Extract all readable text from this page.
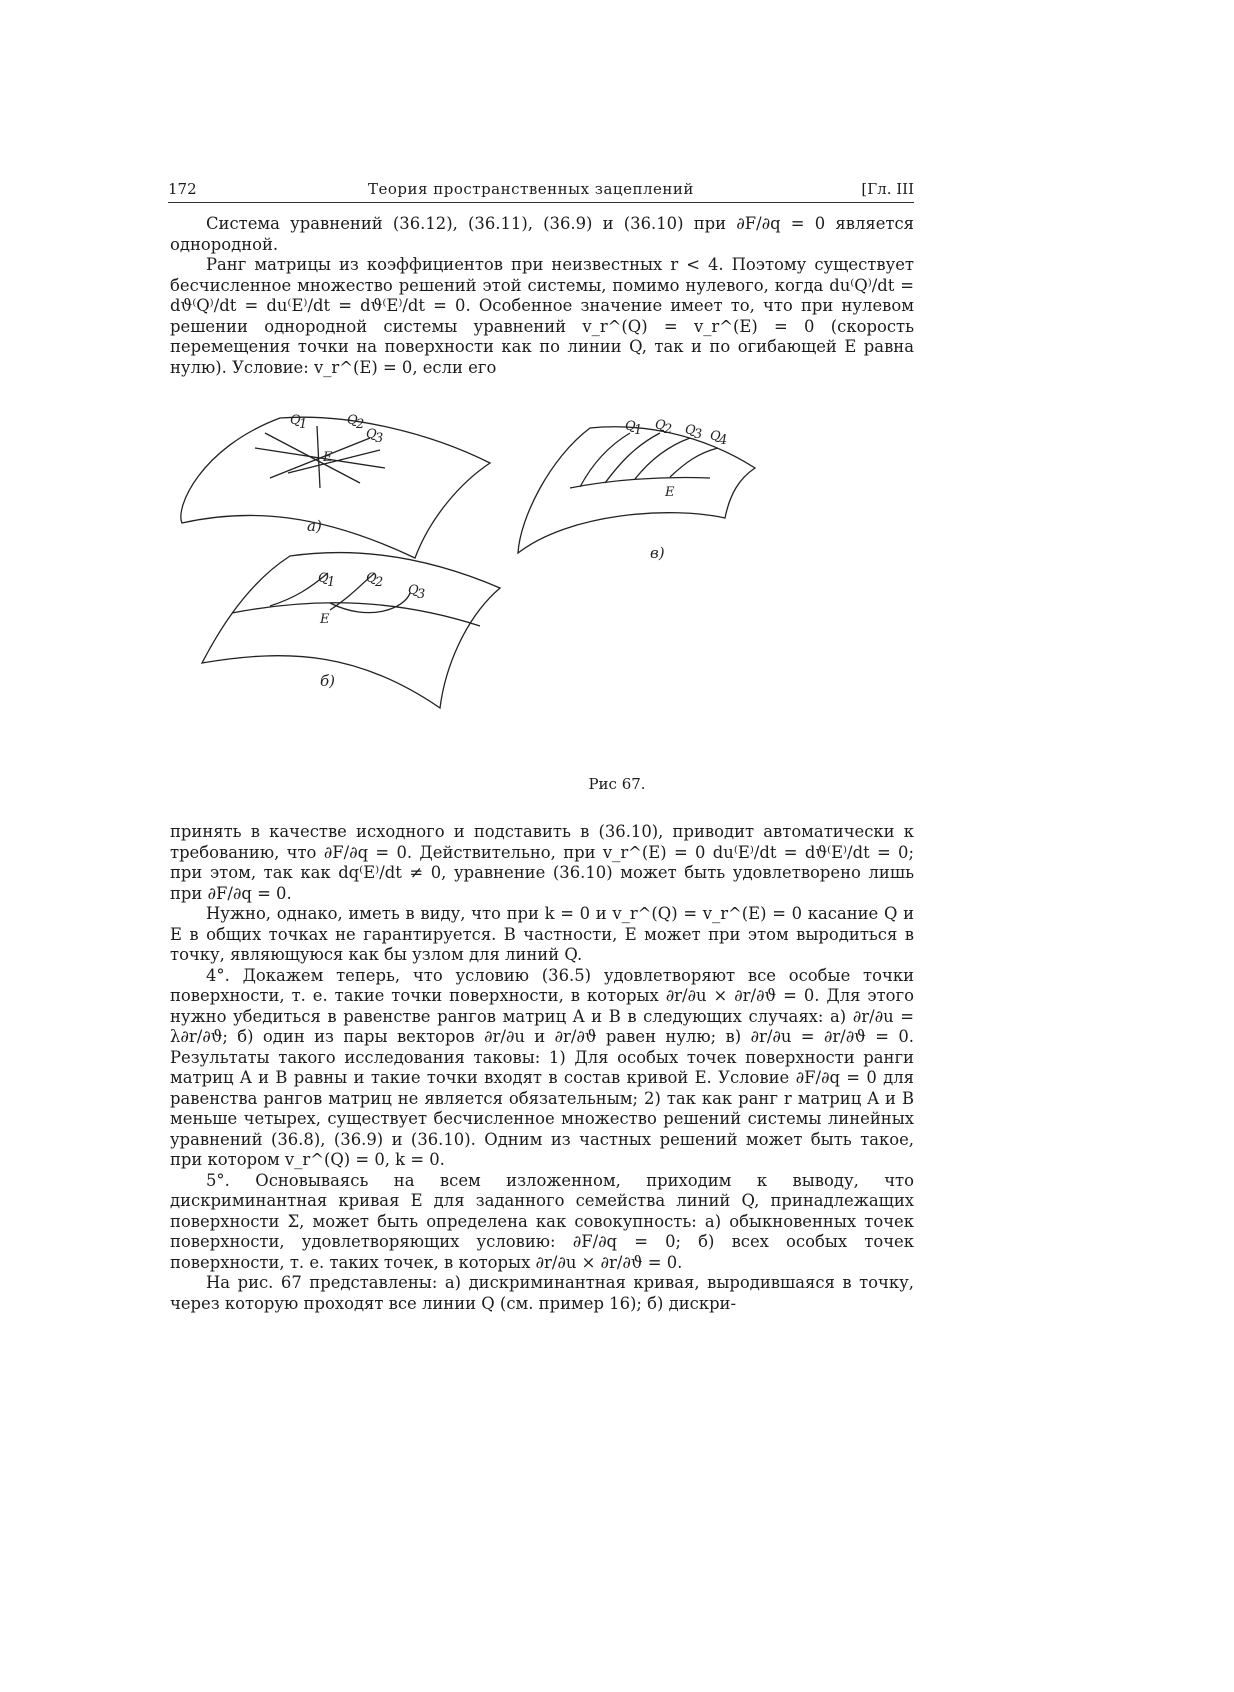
172	Теория пространственных зацеплений	[Гл. III

Система уравнений (36.12), (36.11), (36.9) и (36.10) при ∂F/∂q = 0 является однородной.

Ранг матрицы из коэффициентов при неизвестных r < 4. Поэтому существует бесчисленное множество решений этой системы, помимо нулевого, когда du⁽Q⁾/dt = dϑ⁽Q⁾/dt = du⁽E⁾/dt = dϑ⁽E⁾/dt = 0. Особенное значение имеет то, что при нулевом решении однородной системы уравнений v_r^(Q) = v_r^(E) = 0 (скорость перемещения точки на поверхности как по линии Q, так и по огибающей E равна нулю). Условие: v_r^(E) = 0, если его

Q
1	Q
2
Q
3
E
а)
Q
1 Q
2 Q
3 Q
4
E
в)
Q
1 Q
2
Q
3
E
б)
Рис 67.

принять в качестве исходного и подставить в (36.10), приводит автоматически к требованию, что ∂F/∂q = 0. Действительно, при v_r^(E) = 0 du⁽E⁾/dt = dϑ⁽E⁾/dt = 0; при этом, так как dq⁽E⁾/dt ≠ 0, уравнение (36.10) может быть удовлетворено лишь при ∂F/∂q = 0.

Нужно, однако, иметь в виду, что при k = 0 и v_r^(Q) = v_r^(E) = 0 касание Q и E в общих точках не гарантируется. В частности, E может при этом выродиться в точку, являющуюся как бы узлом для линий Q.

4°. Докажем теперь, что условию (36.5) удовлетворяют все особые точки поверхности, т. е. такие точки поверхности, в которых ∂r/∂u × ∂r/∂ϑ = 0. Для этого нужно убедиться в равенстве рангов матриц A и B в следующих случаях: а) ∂r/∂u = λ∂r/∂ϑ; б) один из пары векторов ∂r/∂u и ∂r/∂ϑ равен нулю; в) ∂r/∂u = ∂r/∂ϑ = 0. Результаты такого исследования таковы: 1) Для особых точек поверхности ранги матриц A и B равны и такие точки входят в состав кривой E. Условие ∂F/∂q = 0 для равенства рангов матриц не является обязательным; 2) так как ранг r матриц A и B меньше четырех, существует бесчисленное множество решений системы линейных уравнений (36.8), (36.9) и (36.10). Одним из частных решений может быть такое, при котором v_r^(Q) = 0, k = 0.

5°. Основываясь на всем изложенном, приходим к выводу, что дискриминантная кривая E для заданного семейства линий Q, принадлежащих поверхности Σ, может быть определена как совокупность: а) обыкновенных точек поверхности, удовлетворяющих условию: ∂F/∂q = 0; б) всех особых точек поверхности, т. е. таких точек, в которых ∂r/∂u × ∂r/∂ϑ = 0.

На рис. 67 представлены: а) дискриминантная кривая, выродившаяся в точку, через которую проходят все линии Q (см. пример 16); б) дискри-
